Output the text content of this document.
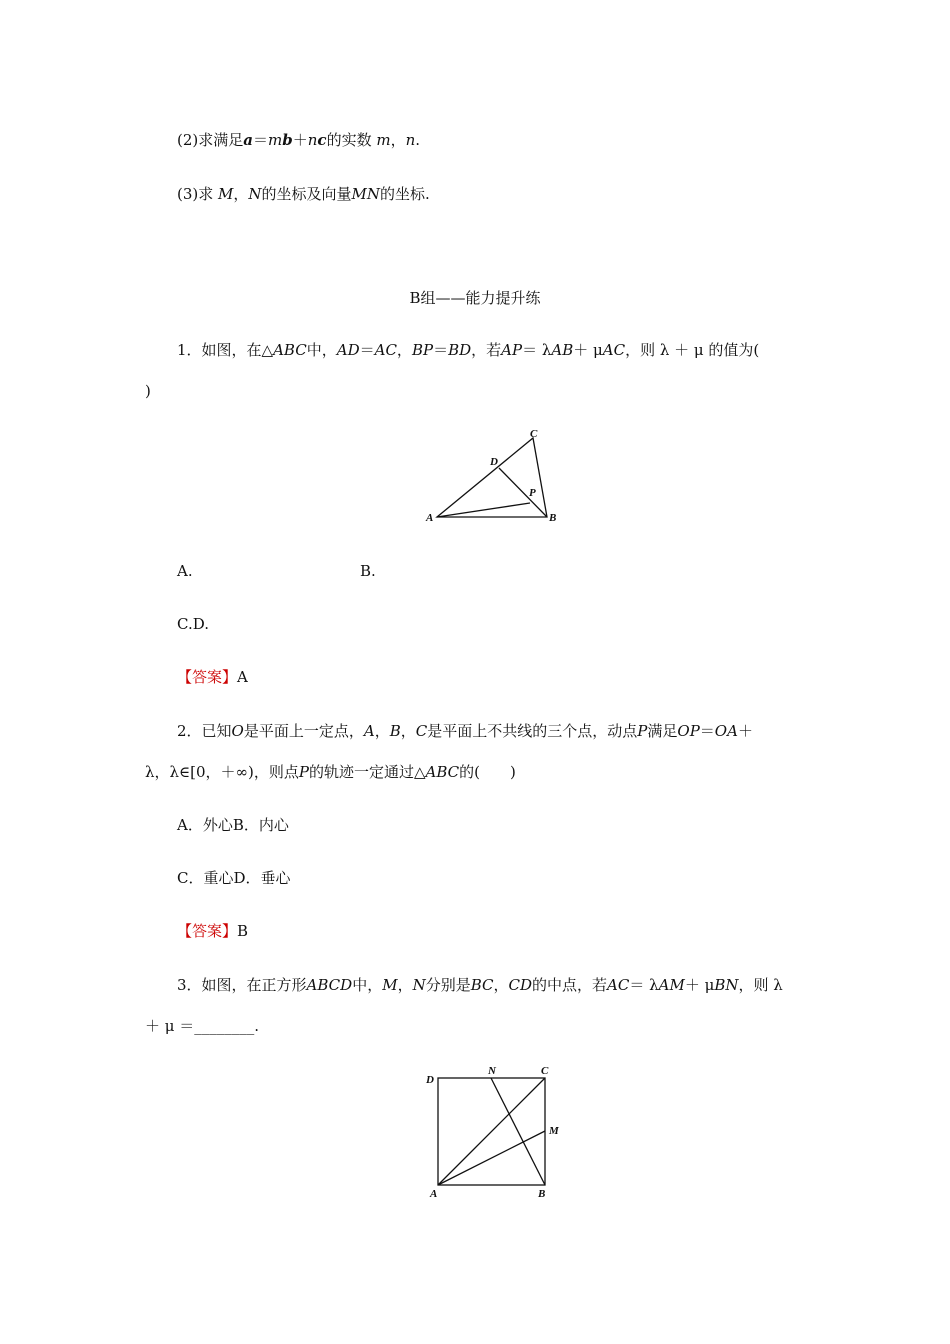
(2)求满足a＝mb＋nc的实数 m，n.
(3)求 M，N的坐标及向量MN的坐标.
B组——能力提升练
1．如图，在△ABC中，AD＝AC，BP＝BD，若AP＝ λAB＋ μAC，则 λ ＋ μ 的值为(
)
A	B
C
D
P
A.	B.
C.D.
【答案】A
2．已知O是平面上一定点，A，B，C是平面上不共线的三个点，动点P满足OP＝OA＋
λ，λ∈[0，＋∞)，则点P的轨迹一定通过△ABC的(　　)
A．外心B．内心
C．重心D．垂心
【答案】B
3．如图，在正方形ABCD中，M，N分别是BC，CD的中点，若AC＝ λAM＋ μBN，则 λ
＋ μ ＝________.
D
N	C
M
A	B
